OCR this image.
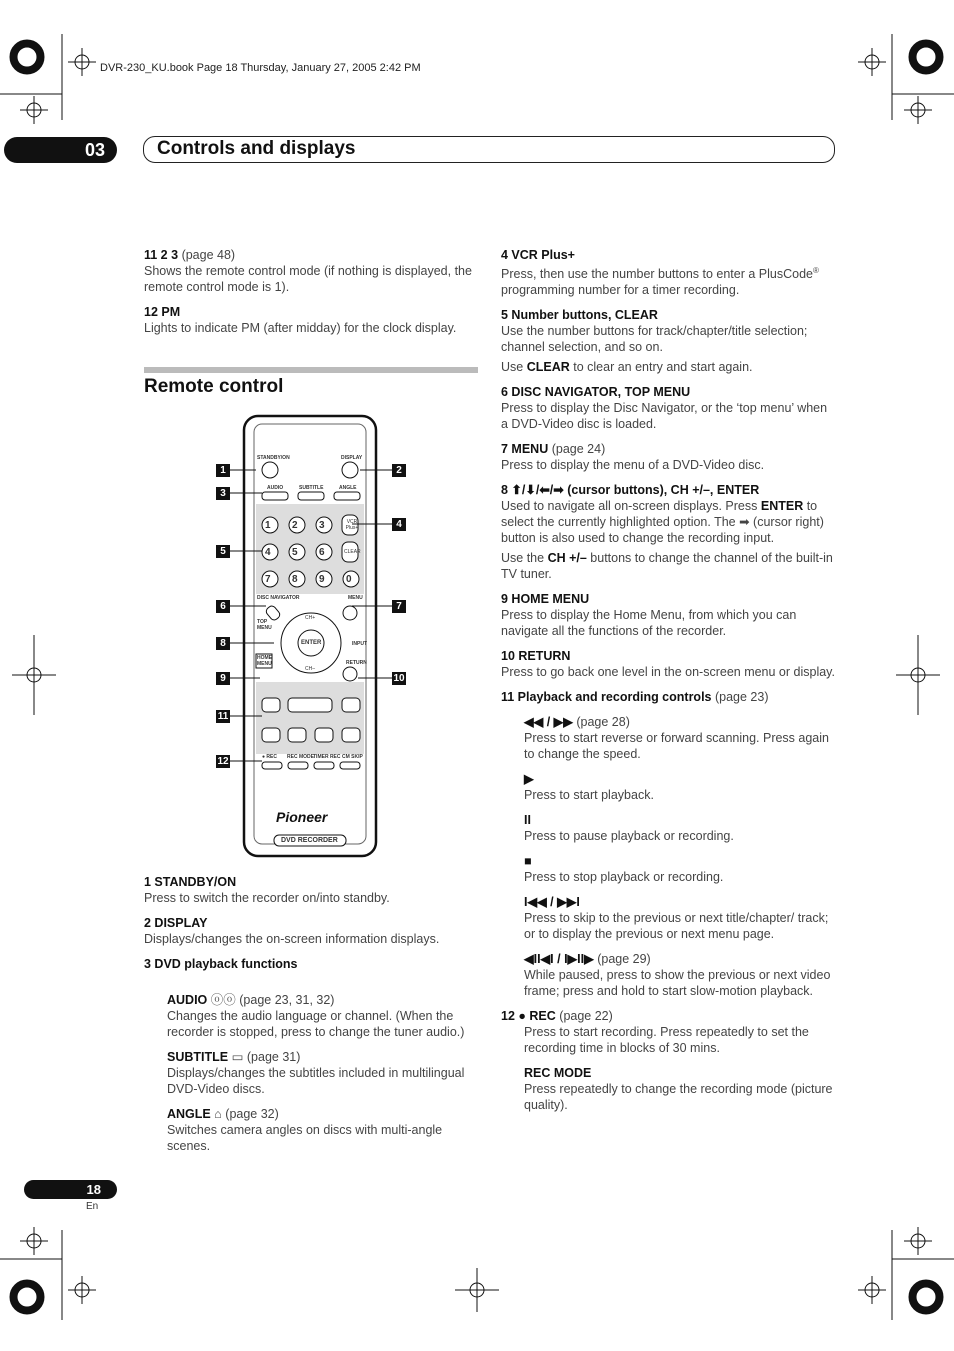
DVR-230_KU.book Page 18 Thursday, January 27, 2005 2:42 PM
03	Controls and displays

11 2 3 (page 48)

Shows the remote control mode (if nothing is displayed, the remote control mode is 1).

12 PM

Lights to indicate PM (after midday) for the clock display.

Remote control
STANDBY/ON	DISPLAY
AUDIO	SUBTITLE	ANGLE
VCR Plus+
CLEAR
1 2 3
4 5 6
7 8 9 0
DISC NAVIGATOR	MENU
TOP MENU
HOME MENU	RETURN
INPUT
ENTER
CH+
CH–
● REC REC MODE TIMER REC CM SKIP
Pioneer
DVD RECORDER
1
3
5
6
8
9
11
12
2
4
7
10

1 STANDBY/ON

Press to switch the recorder on/into standby.

2 DISPLAY

Displays/changes the on-screen information displays.

3 DVD playback functions

AUDIO ⓞⓞ (page 23, 31, 32)

Changes the audio language or channel. (When the recorder is stopped, press to change the tuner audio.)

SUBTITLE ▭ (page 31)

Displays/changes the subtitles included in multilingual DVD-Video discs.

ANGLE ⌂ (page 32)

Switches camera angles on discs with multi-angle scenes.

4 VCR Plus+

Press, then use the number buttons to enter a PlusCode® programming number for a timer recording.

5 Number buttons, CLEAR

Use the number buttons for track/chapter/title selection; channel selection, and so on.

Use CLEAR to clear an entry and start again.

6 DISC NAVIGATOR, TOP MENU

Press to display the Disc Navigator, or the ‘top menu’ when a DVD-Video disc is loaded.

7 MENU (page 24)

Press to display the menu of a DVD-Video disc.

8 ⬆/⬇/⬅/➡ (cursor buttons), CH +/–, ENTER

Used to navigate all on-screen displays. Press ENTER to select the currently highlighted option. The ➡ (cursor right) button is also used to change the recording input.

Use the CH +/– buttons to change the channel of the built-in TV tuner.

9 HOME MENU

Press to display the Home Menu, from which you can navigate all the functions of the recorder.

10 RETURN

Press to go back one level in the on-screen menu or display.

11 Playback and recording controls (page 23)

◀◀ / ▶▶ (page 28)

Press to start reverse or forward scanning. Press again to change the speed.

▶

Press to start playback.

II

Press to pause playback or recording.

■

Press to stop playback or recording.

I◀◀ / ▶▶I

Press to skip to the previous or next title/chapter/ track; or to display the previous or next menu page.

◀II◀I / I▶II▶ (page 29)

While paused, press to show the previous or next video frame; press and hold to start slow-motion playback.

12 ● REC (page 22)

Press to start recording. Press repeatedly to set the recording time in blocks of 30 mins.

REC MODE

Press repeatedly to change the recording mode (picture quality).

18
En
